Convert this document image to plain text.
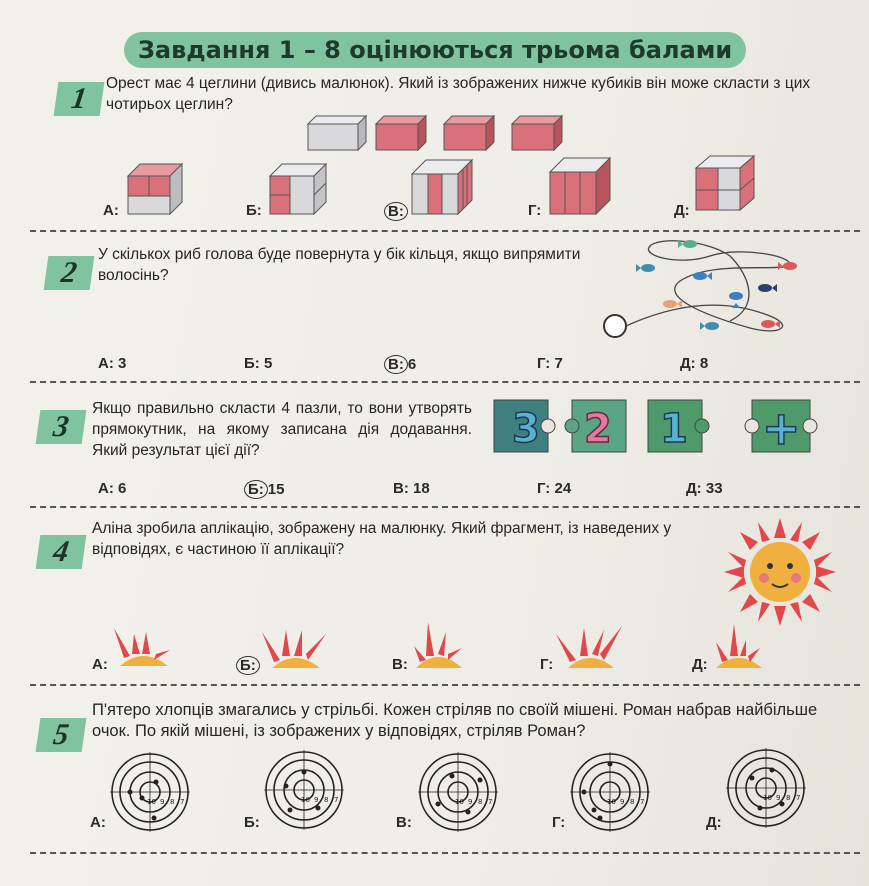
Завдання 1 – 8 оцінюються трьома балами
1	Орест має 4 цеглини (дивись малюнок). Який із зображених нижче кубиків він може скласти з цих чотирьох цеглин?
А:	Б:	В:	Г:	Д:
2
У скількох риб голова буде повернута у бік кільця, якщо випрямити волосінь?
А: 3	Б: 5	В: 6	Г: 7	Д: 8
3
Якщо правильно скласти 4 пазли, то вони утворять прямокутник, на якому записана дія додавання. Який результат цієї дії?	3 2 1 +
А: 6	Б: 15	В: 18	Г: 24	Д: 33
4
Аліна зробила аплікацію, зображену на малюнку. Який фрагмент, із наведених у відповідях, є частиною її аплікації?
А:	Б:	В:	Г:	Д:
5
П'ятеро хлопців змагались у стрільбі. Кожен стріляв по своїй мішені. Роман набрав найбільше очок. По якій мішені, із зображених у відповідях, стріляв Роман?
А:
10 9 8 7
Б:
10 9 8 7
В:
10 9 8 7
Г:
10 9 8 7
Д:
10 9 8 7
